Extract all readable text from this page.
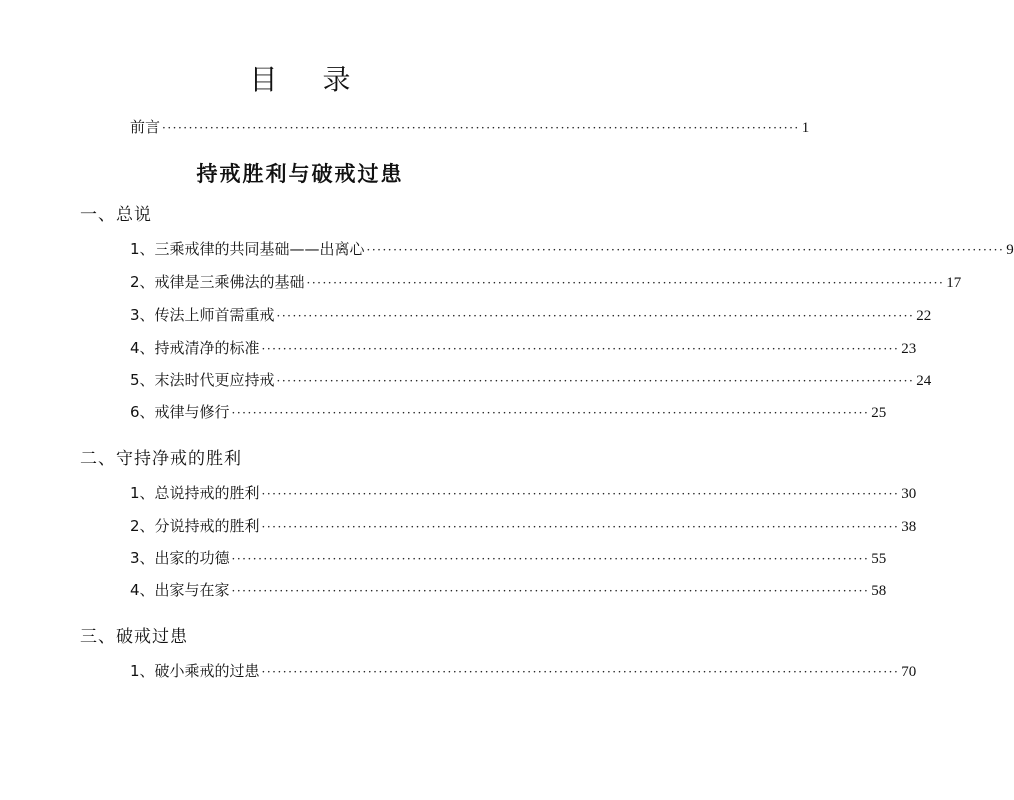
目 录
前言 ························································································································ 1
持戒胜利与破戒过患
一、总说
1、三乘戒律的共同基础——出离心 ························································································································ 9
2、戒律是三乘佛法的基础 ························································································································ 17
3、传法上师首需重戒 ························································································································ 22
4、持戒清净的标准 ························································································································ 23
5、末法时代更应持戒 ························································································································ 24
6、戒律与修行 ························································································································ 25
二、守持净戒的胜利
1、总说持戒的胜利 ························································································································ 30
2、分说持戒的胜利 ························································································································ 38
3、出家的功德 ························································································································ 55
4、出家与在家 ························································································································ 58
三、破戒过患
1、破小乘戒的过患 ························································································································ 70
